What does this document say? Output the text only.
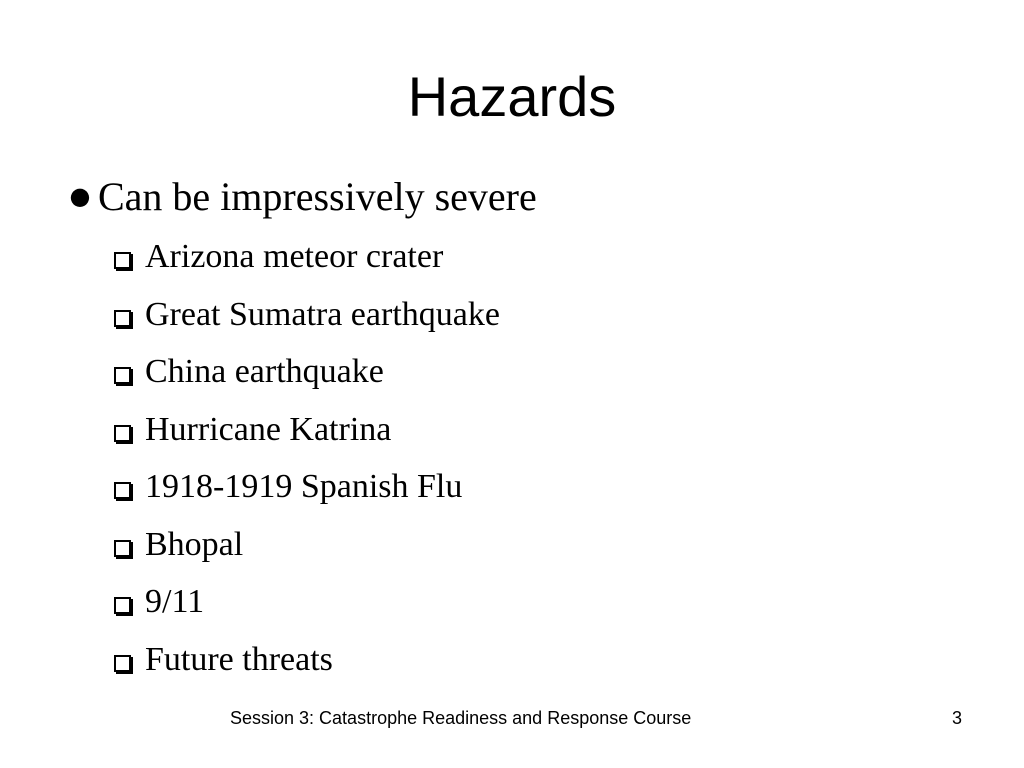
Hazards
● Can be impressively severe
Arizona meteor crater
Great Sumatra earthquake
China earthquake
Hurricane Katrina
1918-1919 Spanish Flu
Bhopal
9/11
Future threats
Session 3: Catastrophe Readiness and Response Course	3
